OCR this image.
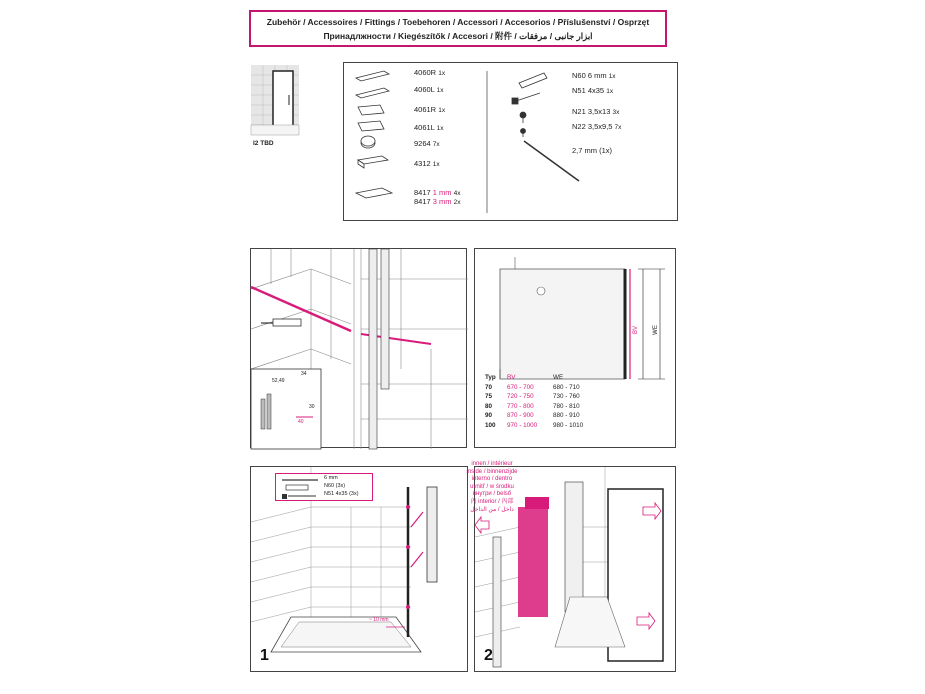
Zubehör / Accessoires / Fittings / Toebehoren / Accessori / Accesorios / Příslušenství / Osprzęt
Принадлжности / Kiegészítők / Accesori / 附件 / ابزار جانبی / مرفقات
I2 TBD
4060R 1x
4060L 1x
4061R 1x
4061L 1x
9264 7x
4312 1x
8417 1 mm 4x
8417 3 mm 2x
N60 6 mm 1x
N51 4x35 1x
N21 3,5x13 3x
N22 3,5x9,5 7x
2,7 mm (1x)
52,49
34
30
40
BV WE
Typ	BV	WE
70	670 - 700	680 - 710
75	720 - 750	730 - 760
80	770 - 800	780 - 810
90	870 - 900	880 - 910
100	970 - 1000	980 - 1010
6 mm
N60 (3x)
N51 4x35 (3x)
~ 10 mm
1
innen / intérieur
inside / binnenzijde
interno / dentro
uvnitř / w środku
внутри / belső
內 interior / 內部
داخل / من الداخل
2
